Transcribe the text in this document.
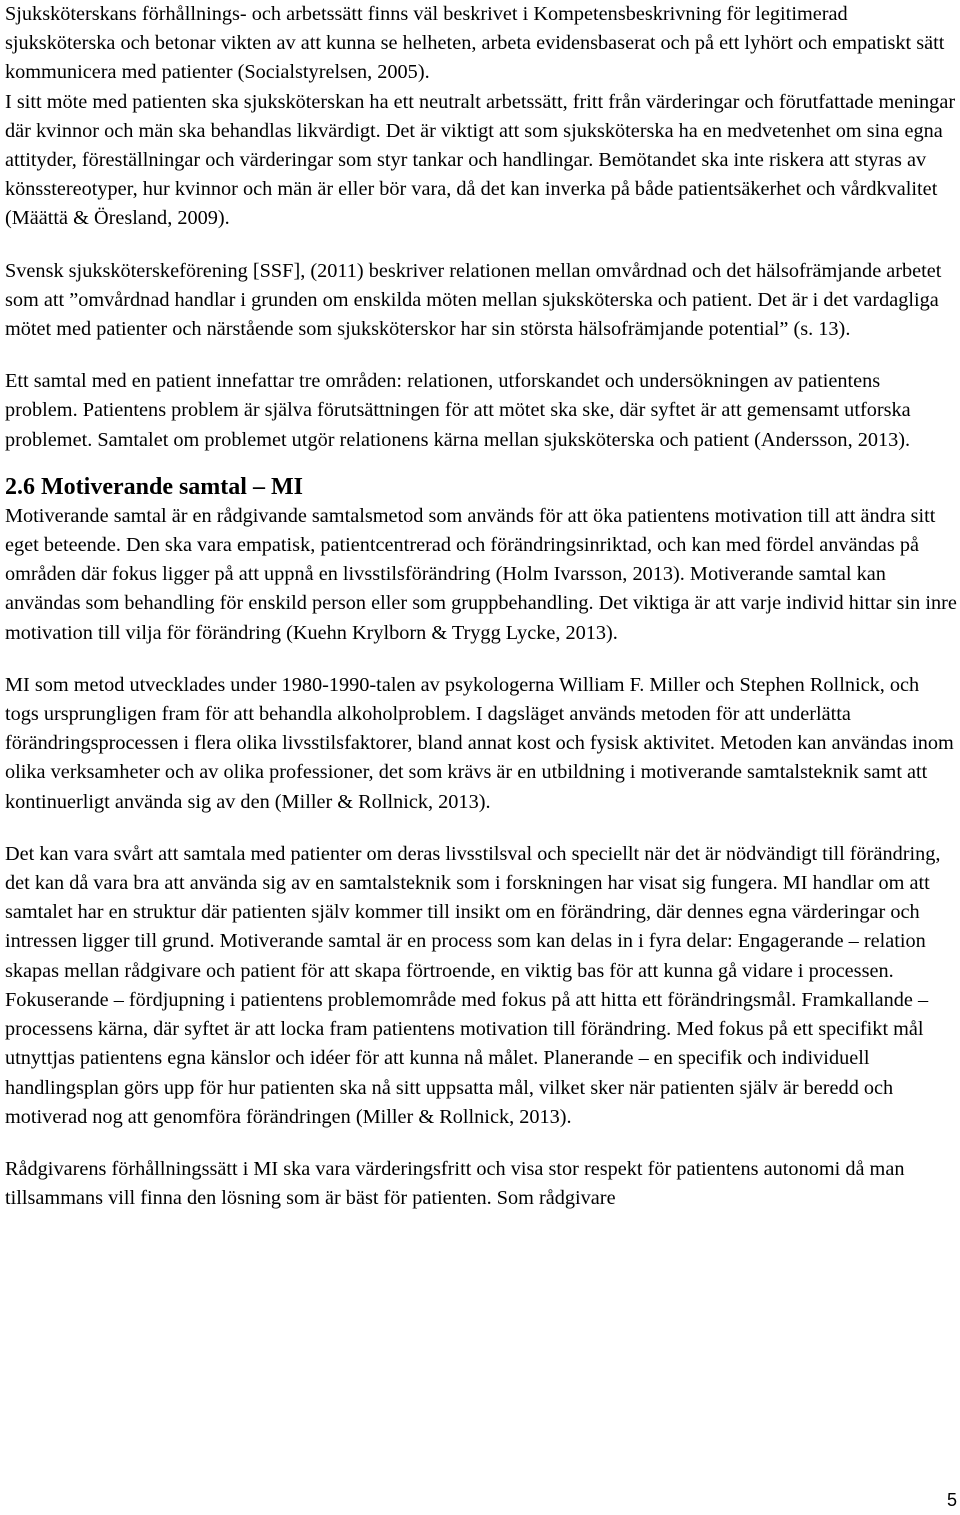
Sjuksköterskans förhållnings- och arbetssätt finns väl beskrivet i Kompetensbeskrivning för legitimerad sjuksköterska och betonar vikten av att kunna se helheten, arbeta evidensbaserat och på ett lyhört och empatiskt sätt kommunicera med patienter (Socialstyrelsen, 2005).

I sitt möte med patienten ska sjuksköterskan ha ett neutralt arbetssätt, fritt från värderingar och förutfattade meningar där kvinnor och män ska behandlas likvärdigt. Det är viktigt att som sjuksköterska ha en medvetenhet om sina egna attityder, föreställningar och värderingar som styr tankar och handlingar. Bemötandet ska inte riskera att styras av könsstereotyper, hur kvinnor och män är eller bör vara, då det kan inverka på både patientsäkerhet och vårdkvalitet (Määttä & Öresland, 2009).

Svensk sjuksköterskeförening [SSF], (2011) beskriver relationen mellan omvårdnad och det hälsofrämjande arbetet som att ”omvårdnad handlar i grunden om enskilda möten mellan sjuksköterska och patient. Det är i det vardagliga mötet med patienter och närstående som sjuksköterskor har sin största hälsofrämjande potential” (s. 13).

Ett samtal med en patient innefattar tre områden: relationen, utforskandet och undersökningen av patientens problem. Patientens problem är själva förutsättningen för att mötet ska ske, där syftet är att gemensamt utforska problemet. Samtalet om problemet utgör relationens kärna mellan sjuksköterska och patient (Andersson, 2013).

2.6 Motiverande samtal – MI

Motiverande samtal är en rådgivande samtalsmetod som används för att öka patientens motivation till att ändra sitt eget beteende. Den ska vara empatisk, patientcentrerad och förändringsinriktad, och kan med fördel användas på områden där fokus ligger på att uppnå en livsstilsförändring (Holm Ivarsson, 2013). Motiverande samtal kan användas som behandling för enskild person eller som gruppbehandling. Det viktiga är att varje individ hittar sin inre motivation till vilja för förändring (Kuehn Krylborn & Trygg Lycke, 2013).

MI som metod utvecklades under 1980-1990-talen av psykologerna William F. Miller och Stephen Rollnick, och togs ursprungligen fram för att behandla alkoholproblem. I dagsläget används metoden för att underlätta förändringsprocessen i flera olika livsstilsfaktorer, bland annat kost och fysisk aktivitet. Metoden kan användas inom olika verksamheter och av olika professioner, det som krävs är en utbildning i motiverande samtalsteknik samt att kontinuerligt använda sig av den (Miller & Rollnick, 2013).

Det kan vara svårt att samtala med patienter om deras livsstilsval och speciellt när det är nödvändigt till förändring, det kan då vara bra att använda sig av en samtalsteknik som i forskningen har visat sig fungera. MI handlar om att samtalet har en struktur där patienten själv kommer till insikt om en förändring, där dennes egna värderingar och intressen ligger till grund. Motiverande samtal är en process som kan delas in i fyra delar: Engagerande – relation skapas mellan rådgivare och patient för att skapa förtroende, en viktig bas för att kunna gå vidare i processen. Fokuserande – fördjupning i patientens problemområde med fokus på att hitta ett förändringsmål. Framkallande – processens kärna, där syftet är att locka fram patientens motivation till förändring. Med fokus på ett specifikt mål utnyttjas patientens egna känslor och idéer för att kunna nå målet. Planerande – en specifik och individuell handlingsplan görs upp för hur patienten ska nå sitt uppsatta mål, vilket sker när patienten själv är beredd och motiverad nog att genomföra förändringen (Miller & Rollnick, 2013).

Rådgivarens förhållningssätt i MI ska vara värderingsfritt och visa stor respekt för patientens autonomi då man tillsammans vill finna den lösning som är bäst för patienten. Som rådgivare

5
